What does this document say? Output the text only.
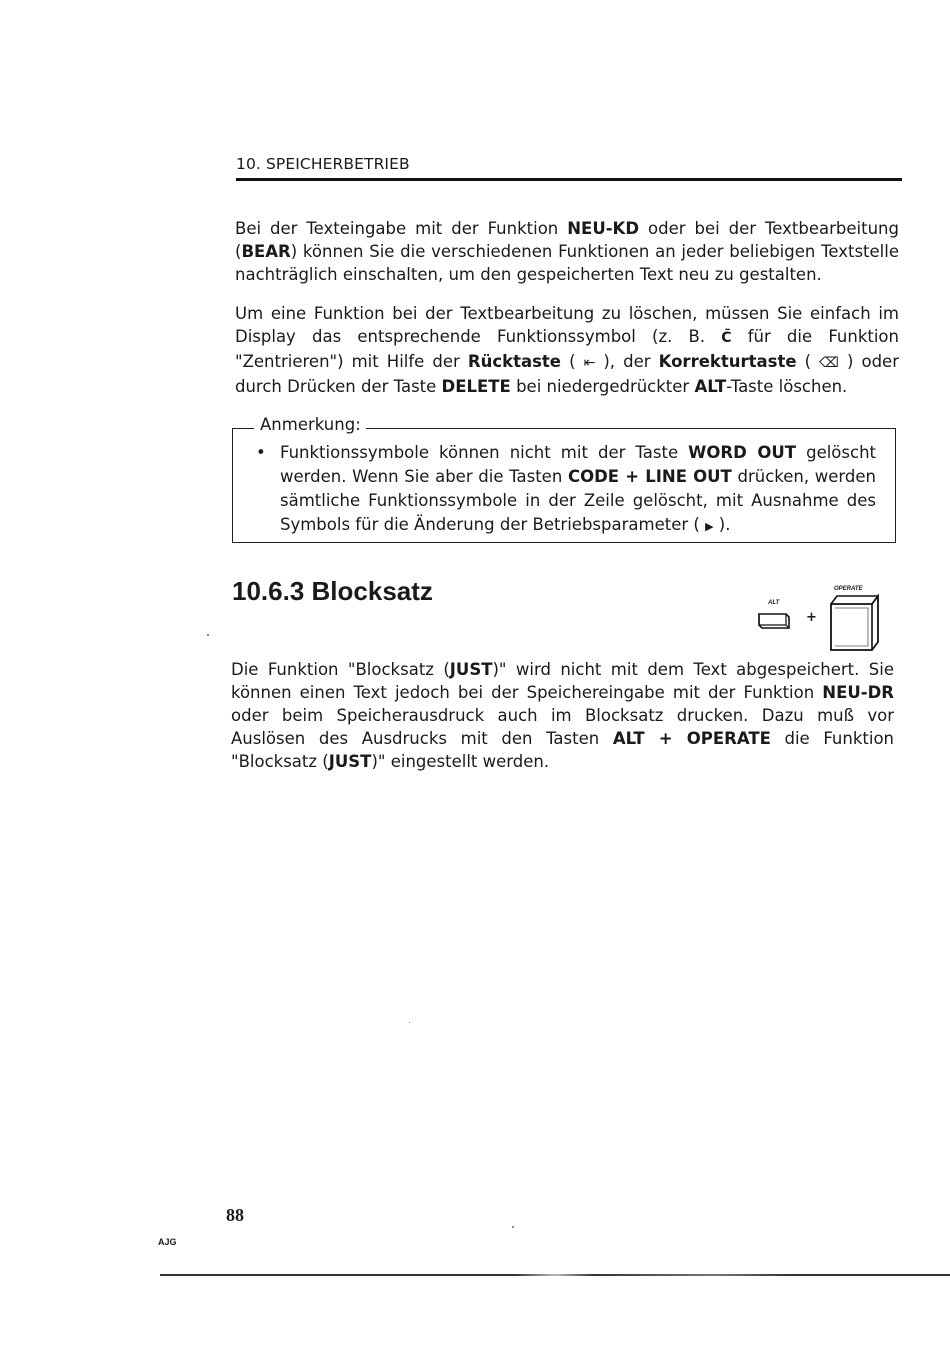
10. SPEICHERBETRIEB
Bei der Texteingabe mit der Funktion NEU-KD oder bei der Textbearbeitung (BEAR) können Sie die verschiedenen Funktionen an jeder beliebigen Textstelle nachträglich einschalten, um den gespeicherten Text neu zu gestalten.
Um eine Funktion bei der Textbearbeitung zu löschen, müssen Sie einfach im Display das entsprechende Funktionssymbol (z. B. C̄ für die Funktion "Zentrieren") mit Hilfe der Rücktaste ( ⇤ ), der Korrekturtaste ( ⌫ ) oder durch Drücken der Taste DELETE bei niedergedrückter ALT-Taste löschen.
Anmerkung:
• Funktionssymbole können nicht mit der Taste WORD OUT gelöscht werden. Wenn Sie aber die Tasten CODE + LINE OUT drücken, werden sämtliche Funktionssymbole in der Zeile gelöscht, mit Ausnahme des Symbols für die Änderung der Betriebsparameter ( ▶ ).
10.6.3 Blocksatz	ALT
+
OPERATE
Die Funktion "Blocksatz (JUST)" wird nicht mit dem Text abgespeichert. Sie können einen Text jedoch bei der Speichereingabe mit der Funktion NEU-DR oder beim Speicherausdruck auch im Blocksatz drucken. Dazu muß vor Auslösen des Ausdrucks mit den Tasten ALT + OPERATE die Funktion "Blocksatz (JUST)" eingestellt werden.
88
AJG
